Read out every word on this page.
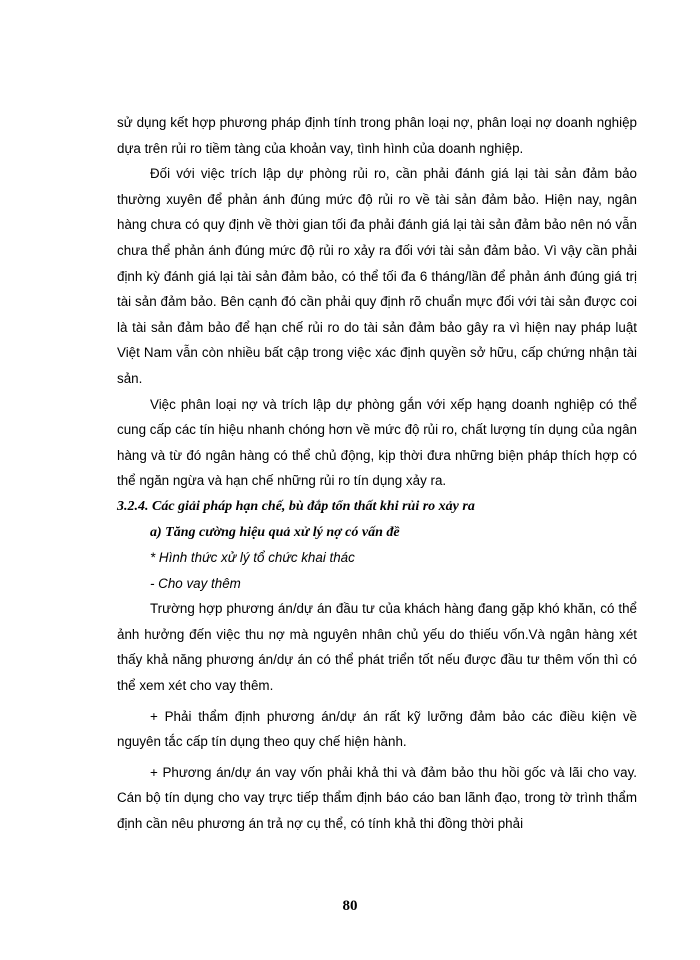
sử dụng kết hợp phương pháp định tính trong phân loại nợ, phân loại nợ doanh nghiệp dựa trên rủi ro tiềm tàng của khoản vay, tình hình của doanh nghiệp.

Đối với việc trích lập dự phòng rủi ro, cần phải đánh giá lại tài sản đảm bảo thường xuyên để phản ánh đúng mức độ rủi ro về tài sản đảm bảo. Hiện nay, ngân hàng chưa có quy định về thời gian tối đa phải đánh giá lại tài sản đảm bảo nên nó vẫn chưa thể phản ánh đúng mức độ rủi ro xảy ra đối với tài sản đảm bảo. Vì vậy cần phải định kỳ đánh giá lại tài sản đảm bảo, có thể tối đa 6 tháng/lần để phản ánh đúng giá trị tài sản đảm bảo. Bên cạnh đó cần phải quy định rõ chuẩn mực đối với tài sản được coi là tài sản đảm bảo để hạn chế rủi ro do tài sản đảm bảo gây ra vì hiện nay pháp luật Việt Nam vẫn còn nhiều bất cập trong việc xác định quyền sở hữu, cấp chứng nhận tài sản.

Việc phân loại nợ và trích lập dự phòng gắn với xếp hạng doanh nghiệp có thể cung cấp các tín hiệu nhanh chóng hơn về mức độ rủi ro, chất lượng tín dụng của ngân hàng và từ đó ngân hàng có thể chủ động, kịp thời đưa những biện pháp thích hợp có thể ngăn ngừa và hạn chế những rủi ro tín dụng xảy ra.

3.2.4. Các giải pháp hạn chế, bù đắp tổn thất khi rủi ro xảy ra

a) Tăng cường hiệu quả xử lý nợ có vấn đề

* Hình thức xử lý tổ chức khai thác

- Cho vay thêm

Trường hợp phương án/dự án đầu tư của khách hàng đang gặp khó khăn, có thể ảnh hưởng đến việc thu nợ mà nguyên nhân chủ yếu do thiếu vốn.Và ngân hàng xét thấy khả năng phương án/dự án có thể phát triển tốt nếu được đầu tư thêm vốn thì có thể xem xét cho vay thêm.

+ Phải thẩm định phương án/dự án rất kỹ lưỡng đảm bảo các điều kiện về nguyên tắc cấp tín dụng theo quy chế hiện hành.

+ Phương án/dự án vay vốn phải khả thi và đảm bảo thu hồi gốc và lãi cho vay. Cán bộ tín dụng cho vay trực tiếp thẩm định báo cáo ban lãnh đạo, trong tờ trình thẩm định cần nêu phương án trả nợ cụ thể, có tính khả thi đồng thời phải

80
